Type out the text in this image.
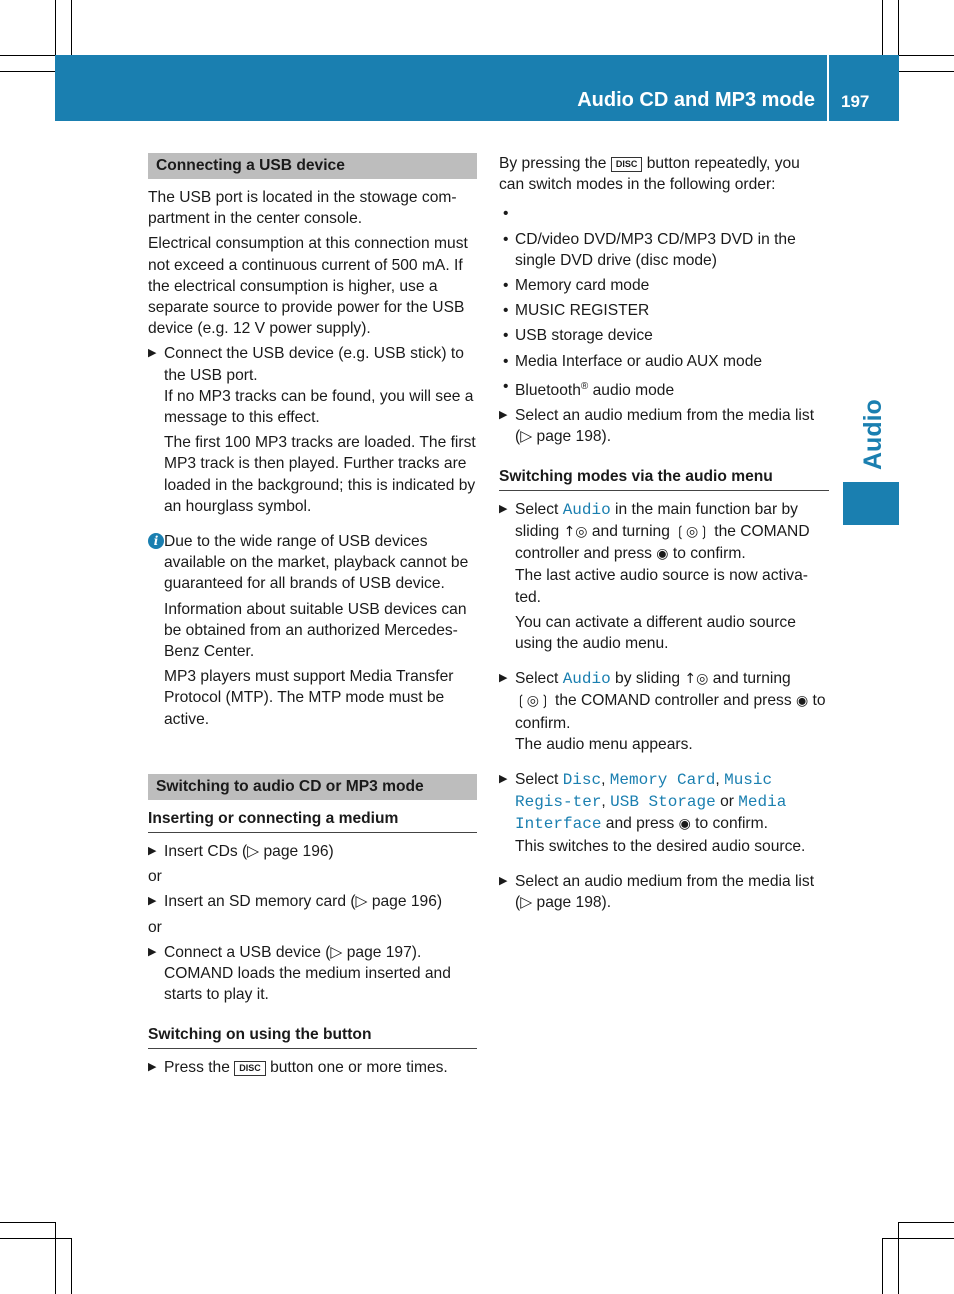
Audio CD and MP3 mode 197
Audio
Connecting a USB device

The USB port is located in the stowage com-partment in the center console.

Electrical consumption at this connection must not exceed a continuous current of 500 mA. If the electrical consumption is higher, use a separate source to provide power for the USB device (e.g. 12 V power supply).

▶ Connect the USB device (e.g. USB stick) to the USB port.
If no MP3 tracks can be found, you will see a message to this effect.
The first 100 MP3 tracks are loaded. The first MP3 track is then played. Further tracks are loaded in the background; this is indicated by an hourglass symbol.
i Due to the wide range of USB devices available on the market, playback cannot be guaranteed for all brands of USB device.

Information about suitable USB devices can be obtained from an authorized Mercedes-Benz Center.

MP3 players must support Media Transfer Protocol (MTP). The MTP mode must be active.

Switching to audio CD or MP3 mode
Inserting or connecting a medium
▶ Insert CDs (▷ page 196)

or

▶ Insert an SD memory card (▷ page 196)

or

▶ Connect a USB device (▷ page 197).
COMAND loads the medium inserted and starts to play it.
Switching on using the button
▶ Press the DISC button one or more times.

By pressing the DISC button repeatedly, you can switch modes in the following order:

•

• CD/video DVD/MP3 CD/MP3 DVD in the single DVD drive (disc mode)
• Memory card mode
• MUSIC REGISTER
• USB storage device
• Media Interface or audio AUX mode
• Bluetooth® audio mode
▶ Select an audio medium from the media list (▷ page 198).
Switching modes via the audio menu
▶ Select Audio in the main function bar by sliding ↑◎ and turning ❲◎❳ the COMAND controller and press ◉ to confirm.
The last active audio source is now activa-ted.
You can activate a different audio source using the audio menu.
▶ Select Audio by sliding ↑◎ and turning ❲◎❳ the COMAND controller and press ◉ to confirm.
The audio menu appears.
▶ Select Disc, Memory Card, Music Regis-ter, USB Storage or Media Interface and press ◉ to confirm.
This switches to the desired audio source.
▶ Select an audio medium from the media list (▷ page 198).
